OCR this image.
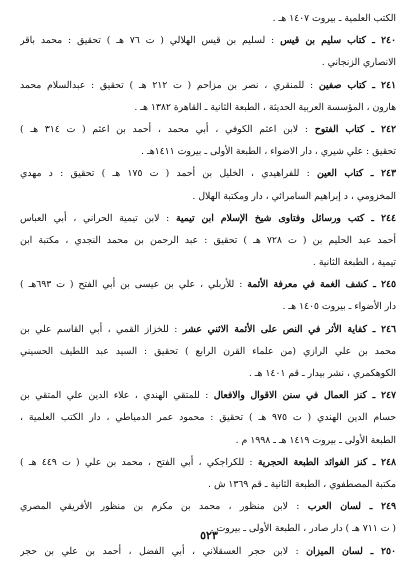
الكتب العلمية ـ بيروت ١٤٠٧ هـ .
٢٤٠ ـ كتاب سليم بن قيس : لسليم بن قيس الهلالي ( ت ٧٦ هـ ) تحقيق : محمد باقر
الانصاري الزنجاني .
٢٤١ ـ كتاب صفين : للمنقري ، نصر بن مزاحم ( ت ٢١٢ هـ ) تحقيق : عبدالسلام محمد
هارون ، المؤسسة العربية الحديثة ، الطبعة الثانية ـ القاهرة ١٣٨٢ هـ .
٢٤٢ ـ كتاب الفتوح : لابن اعثم الكوفي ، أبي محمد ، أحمد بن اعثم ( ت ٣١٤ هـ )
تحقيق : علي شيري ، دار الاضواء ، الطبعة الأولى ـ بيروت ١٤١١هـ .
٢٤٣ ـ كتاب العين : للفراهيدي ، الخليل بن أحمد ( ت ١٧٥ هـ ) تحقيق : د مهدي
المخزومي ، د إبراهيم السامرائي ، دار ومكتبة الهلال .
٢٤٤ ـ كتب ورسائل وفتاوى شيخ الإسلام ابن تيمية : لابن تيمية الحراني ، أبي العباس
أحمد عبد الحليم بن ( ت ٧٢٨ هـ ) تحقيق : عبد الرحمن بن محمد النجدي ، مكتبة ابن
تيمية ، الطبعة الثانية .
٢٤٥ ـ كشف الغمة في معرفة الأئمة : للأربلي ، علي بن عيسى بن أبي الفتح ( ت ٦٩٣هـ )
دار الأضواء ـ بيروت ١٤٠٥ هـ .
٢٤٦ ـ كفاية الأثر في النص على الأئمة الاثني عشر : للخزاز القمي ، أبي القاسم علي بن
محمد بن علي الرازي (من علماء القرن الرابع ) تحقيق : السيد عبد اللطيف الحسيني
الكوهكمري ، نشر بيدار ـ قم ١٤٠١ هـ .
٢٤٧ ـ كنز العمال في سنن الاقوال والافعال : للمتقي الهندي ، علاء الدين علي المتقي بن
حسام الدين الهندي ( ت ٩٧٥ هـ ) تحقيق : محمود عمر الدمياطي ، دار الكتب العلمية ،
الطبعة الأولى ـ بيروت ١٤١٩ هـ ـ ١٩٩٨ م .
٢٤٨ ـ كنز الفوائد الطبعة الحجرية : للكراجكي ، أبي الفتح ، محمد بن علي ( ت ٤٤٩ هـ )
مكتبة المصطفوي ، الطبعة الثانية ـ قم ١٣٦٩ ش .
٢٤٩ ـ لسان العرب : لابن منظور ، محمد بن مكرم بن منظور الأفريقي المصري
( ت ٧١١ هـ ) دار صادر ، الطبعة الأولى ـ بيروت .
٢٥٠ ـ لسان الميزان : لابن حجر العسقلاني ، أبي الفضل ، أحمد بن علي بن حجر
٥٢٣
